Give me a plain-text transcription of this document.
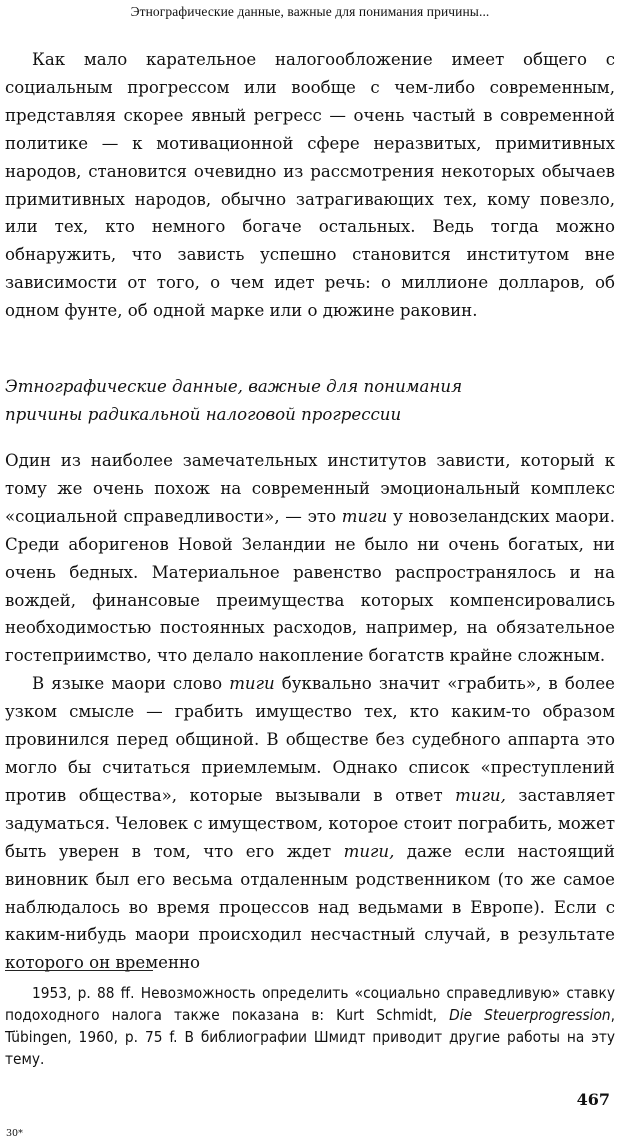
Этнографические данные, важные для понимания причины...

Как мало карательное налогообложение имеет общего с социальным прогрессом или вообще с чем-либо современным, представляя скорее явный регресс — очень частый в современной политике — к мотивационной сфере неразвитых, примитивных народов, становится очевидно из рассмотрения некоторых обычаев примитивных народов, обычно затрагивающих тех, кому повезло, или тех, кто немного богаче остальных. Ведь тогда можно обнаружить, что зависть успешно становится институтом вне зависимости от того, о чем идет речь: о миллионе долларов, об одном фунте, об одной марке или о дюжине раковин.

Этнографические данные, важные для понимания
причины радикальной налоговой прогрессии

Один из наиболее замечательных институтов зависти, который к тому же очень похож на современный эмоциональный комплекс «социальной справедливости», — это тиги у новозеландских маори. Среди аборигенов Новой Зеландии не было ни очень богатых, ни очень бедных. Материальное равенство распространялось и на вождей, финансовые преимущества которых компенсировались необходимостью постоянных расходов, например, на обязательное гостеприимство, что делало накопление богатств крайне сложным.

В языке маори слово тиги буквально значит «грабить», в более узком смысле — грабить имущество тех, кто каким-то образом провинился перед общиной. В обществе без судебного аппарта это могло бы считаться приемлемым. Однако список «преступлений против общества», которые вызывали в ответ тиги, заставляет задуматься. Человек с имуществом, которое стоит пограбить, может быть уверен в том, что его ждет тиги, даже если настоящий виновник был его весьма отдаленным родственником (то же самое наблюдалось во время процессов над ведьмами в Европе). Если с каким-нибудь маори происходил несчастный случай, в результате которого он временно

1953, p. 88 ff. Невозможность определить «социально справедливую» ставку подоходного налога также показана в: Kurt Schmidt, Die Steuerprogression, Tübingen, 1960, p. 75 f. В библиографии Шмидт приводит другие работы на эту тему.

467
30*
